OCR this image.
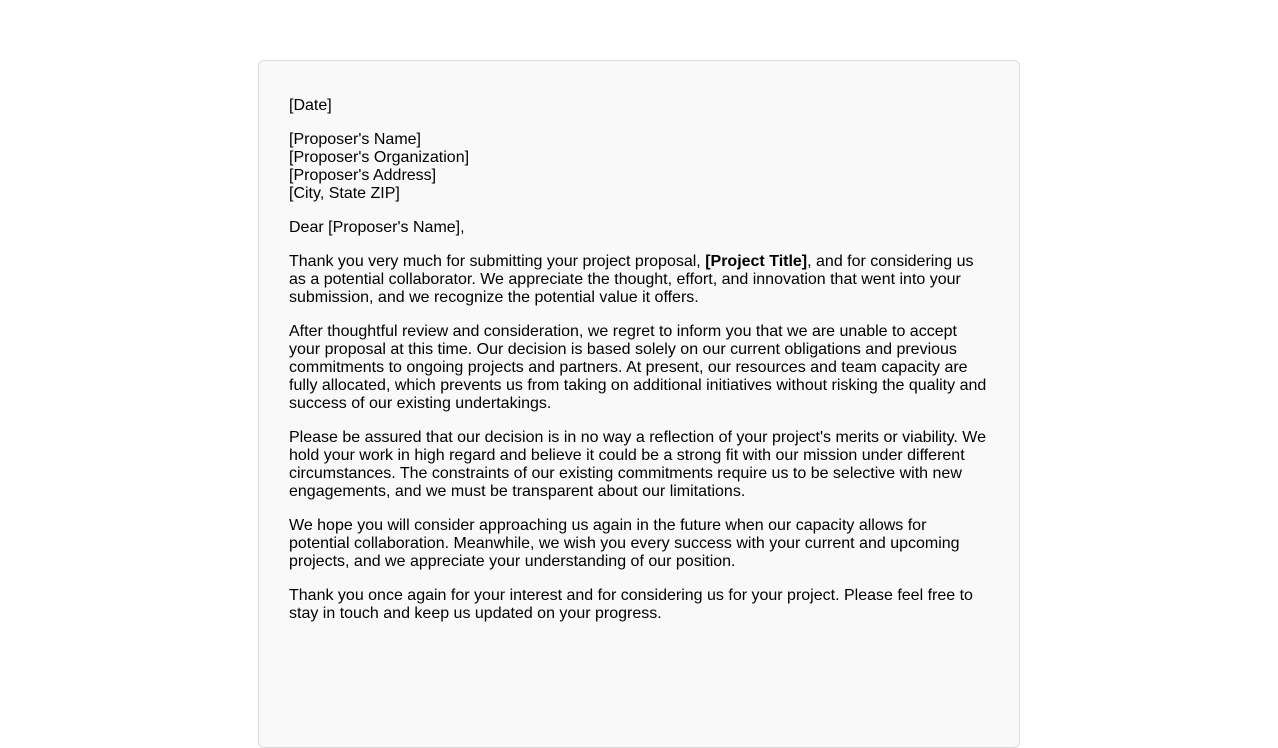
[Date]

[Proposer's Name]
[Proposer's Organization]
[Proposer's Address]
[City, State ZIP]

Dear [Proposer's Name],

Thank you very much for submitting your project proposal, [Project Title], and for considering us as a potential collaborator. We appreciate the thought, effort, and innovation that went into your submission, and we recognize the potential value it offers.

After thoughtful review and consideration, we regret to inform you that we are unable to accept your proposal at this time. Our decision is based solely on our current obligations and previous commitments to ongoing projects and partners. At present, our resources and team capacity are fully allocated, which prevents us from taking on additional initiatives without risking the quality and success of our existing undertakings.

Please be assured that our decision is in no way a reflection of your project's merits or viability. We hold your work in high regard and believe it could be a strong fit with our mission under different circumstances. The constraints of our existing commitments require us to be selective with new engagements, and we must be transparent about our limitations.

We hope you will consider approaching us again in the future when our capacity allows for potential collaboration. Meanwhile, we wish you every success with your current and upcoming projects, and we appreciate your understanding of our position.

Thank you once again for your interest and for considering us for your project. Please feel free to stay in touch and keep us updated on your progress.
